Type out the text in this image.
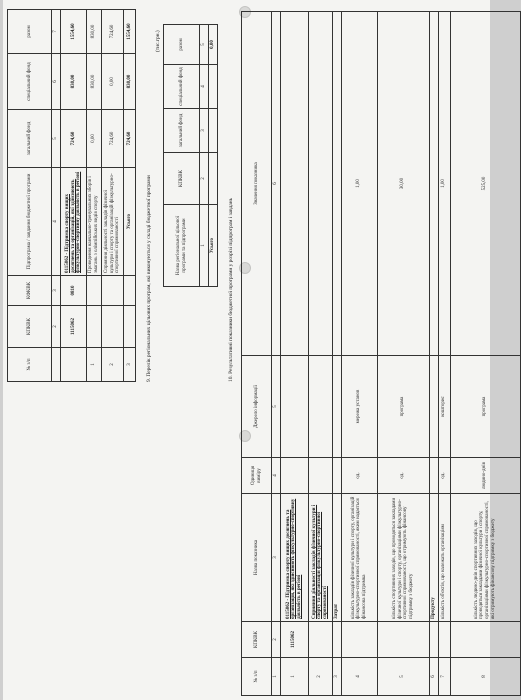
№ з/п	КПКВК	КФКВК	Підпрограма / завдання бюджетної програми	загальний фонд	спеціальний фонд	разом
	2	3	4	5	6	7
	1115062	0810	0115062 - Підтримка спорту вищих досягнень та організацій, які здійснюють фізкультурно-спортивну діяльність в регіоні	724,60	830,00	1554,60
1			Проведення навчально-тренувальних зборів і змагань з олімпійських видів спорту	0,00	830,00	830,00
2			Сприяння діяльності закладів фізичної культури і спорту та організацій фізкультурно-спортивної спрямованості	724,60	0,00	724,60
3			Усього	724,60	830,00	1554,60
9. Перелік регіональних цільових програм, які виконуються у складі бюджетної програми
(тис.грн.)
Назва регіональної цільової програми та підпрограми	КПКВК	загальний фонд	спеціальний фонд	разом
1	2	3	4	5
Усього				0,00
10. Результативні показники бюджетної програми у розрізі підпрограм і завдань
№ з/п	КПКВК	Назва показника	Одиниця виміру	Джерело інформації	Значення показника
1	2	3	4	5	6
1	1115062	0115062 - Підтримка спорту вищих досягнень та організацій, які здійснюють фізкультурно-спортивну діяльність в регіоні			
2		Сприяння діяльності закладів фізичної культури і спорту та організацій фізкультурно-спортивної спрямованості			
3		Затрат			
4		кількість закладів фізичної культури і спорту, організацій фізкультурно-спортивної спрямованості, яким надається фінансова підтримка	од.	мережа установ	1,00
5		кількість спортивних заходів, що проводяться закладами фізичної культури і спорту, організаціями фізкультурно-спортивної спрямованості, що отримують фінансову підтримку з бюджету	од.	програма	30,00
6		Продукту			
7		кількість об'єктів, що належать організаціям	од.	кошторис	1,00
8		кількість людино-днів спортивних заходів, що проводяться закладами фізичної культури і спорту, організаціями фізкультурно-спортивної спрямованості, які отримують фінансову підтримку з бюджету	людино-днів	програма	525,00
